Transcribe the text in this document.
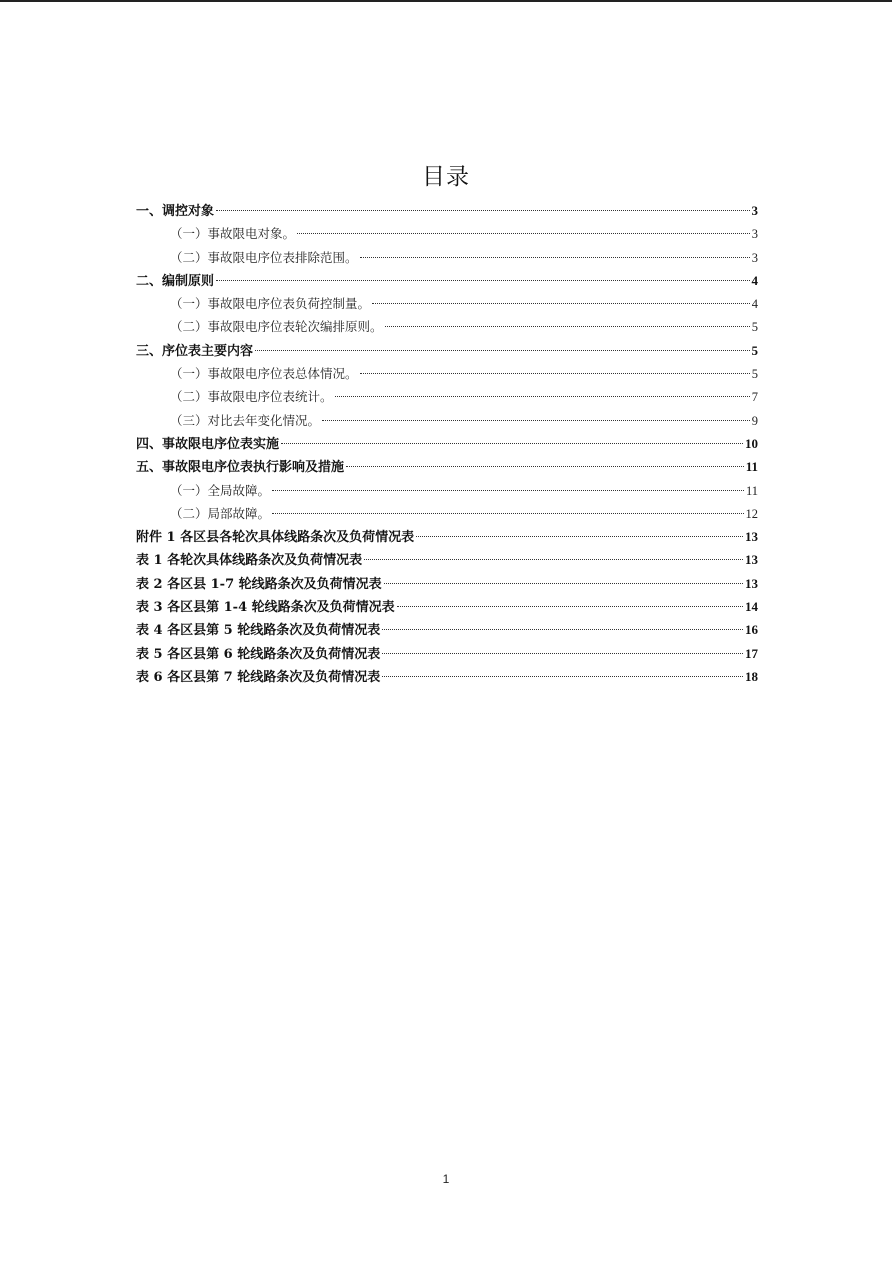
目录
一、调控对象	3
（一）事故限电对象。	3
（二）事故限电序位表排除范围。	3
二、编制原则	4
（一）事故限电序位表负荷控制量。	4
（二）事故限电序位表轮次编排原则。	5
三、序位表主要内容	5
（一）事故限电序位表总体情况。	5
（二）事故限电序位表统计。	7
（三）对比去年变化情况。	9
四、事故限电序位表实施	10
五、事故限电序位表执行影响及措施	11
（一）全局故障。	11
（二）局部故障。	12
附件 1 各区县各轮次具体线路条次及负荷情况表	13
表 1 各轮次具体线路条次及负荷情况表	13
表 2 各区县 1-7 轮线路条次及负荷情况表	13
表 3 各区县第 1-4 轮线路条次及负荷情况表	14
表 4 各区县第 5 轮线路条次及负荷情况表	16
表 5 各区县第 6 轮线路条次及负荷情况表	17
表 6 各区县第 7 轮线路条次及负荷情况表	18
1
